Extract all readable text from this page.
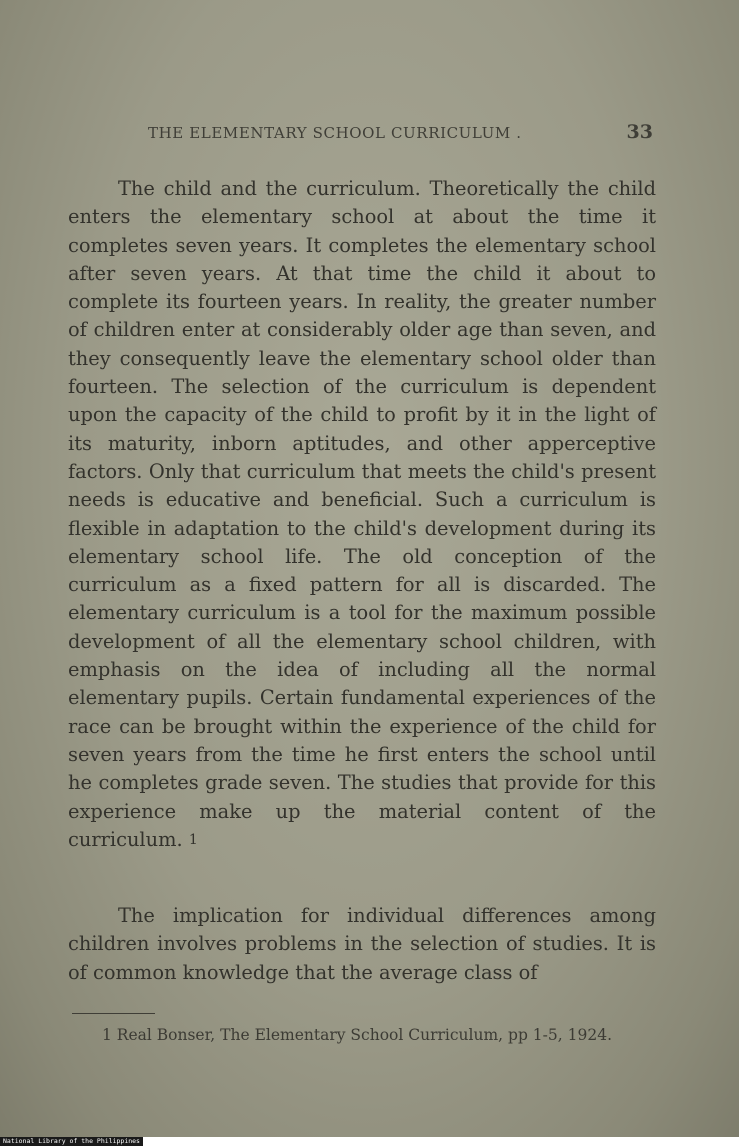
THE ELEMENTARY SCHOOL CURRICULUM .	33

The child and the curriculum. Theoretically the child enters the elementary school at about the time it completes seven years. It completes the elementary school after seven years. At that time the child it about to complete its fourteen years. In reality, the greater number of children enter at considerably older age than seven, and they consequently leave the elementary school older than fourteen. The selection of the curriculum is dependent upon the capacity of the child to profit by it in the light of its maturity, inborn aptitudes, and other apperceptive factors. Only that curriculum that meets the child's present needs is educative and beneficial. Such a curriculum is flexible in adaptation to the child's development during its elementary school life. The old conception of the curriculum as a fixed pattern for all is discarded. The elementary curriculum is a tool for the maximum possible development of all the elementary school children, with emphasis on the idea of including all the normal elementary pupils. Certain fundamental experiences of the race can be brought within the experience of the child for seven years from the time he first enters the school until he completes grade seven. The studies that provide for this experience make up the material content of the curriculum. 1

The implication for individual differences among children involves problems in the selection of studies. It is of common knowledge that the average class of

1 Real Bonser, The Elementary School Curriculum, pp 1-5, 1924.

National Library of the Philippines
